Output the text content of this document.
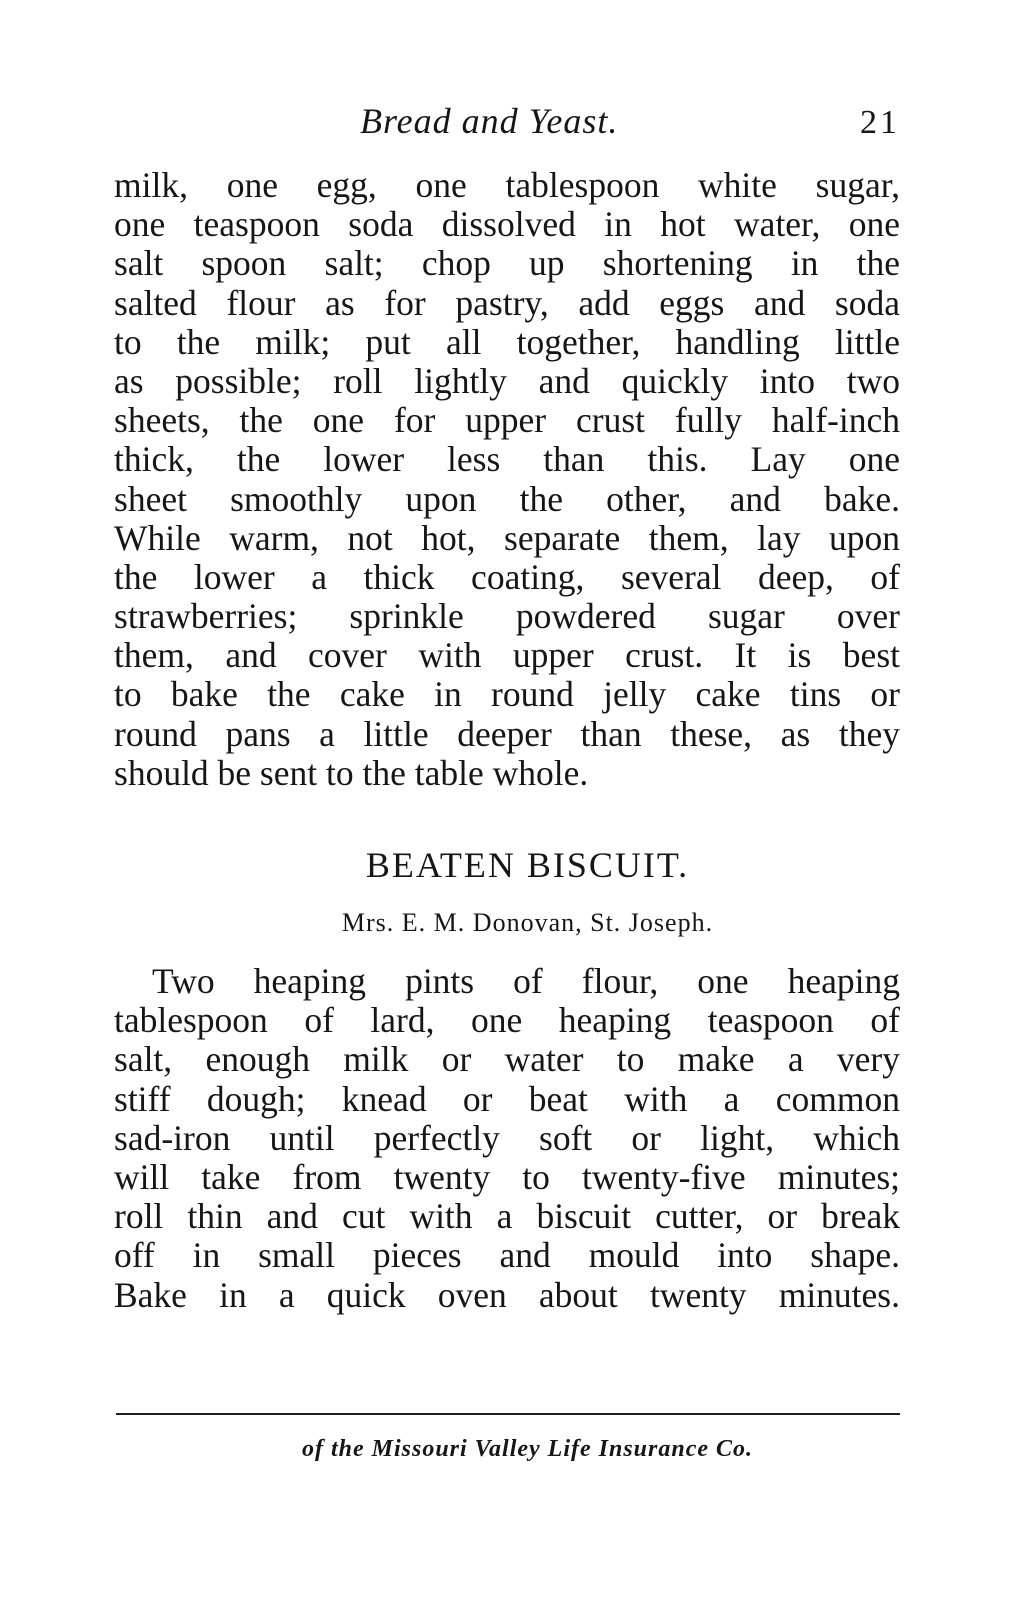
Bread and Yeast.	21
milk, one egg, one tablespoon white sugar,
one teaspoon soda dissolved in hot water, one
salt spoon salt; chop up shortening in the
salted flour as for pastry, add eggs and soda
to the milk; put all together, handling little
as possible; roll lightly and quickly into two
sheets, the one for upper crust fully half-inch
thick, the lower less than this. Lay one
sheet smoothly upon the other, and bake.
While warm, not hot, separate them, lay upon
the lower a thick coating, several deep, of
strawberries; sprinkle powdered sugar over
them, and cover with upper crust. It is best
to bake the cake in round jelly cake tins or
round pans a little deeper than these, as they
should be sent to the table whole.
BEATEN BISCUIT.
Mrs. E. M. Donovan, St. Joseph.
Two heaping pints of flour, one heaping
tablespoon of lard, one heaping teaspoon of
salt, enough milk or water to make a very
stiff dough; knead or beat with a common
sad-iron until perfectly soft or light, which
will take from twenty to twenty-five minutes;
roll thin and cut with a biscuit cutter, or break
off in small pieces and mould into shape.
Bake in a quick oven about twenty minutes.
of the Missouri Valley Life Insurance Co.
